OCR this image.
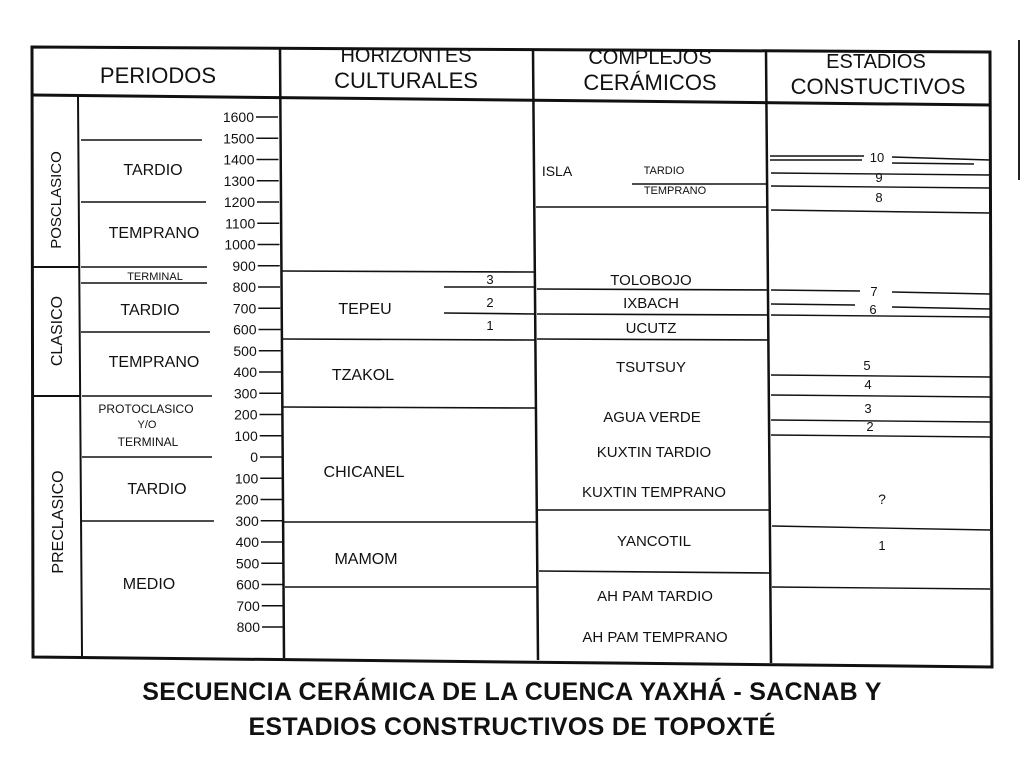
PERIODOS
HORIZONTES
CULTURALES
COMPLEJOS
CERÁMICOS
ESTADIOS
CONSTUCTIVOS
POSCLASICO
CLASICO
PRECLASICO
TARDIO
TEMPRANO
TERMINAL
TARDIO
TEMPRANO
PROTOCLASICO
Y/O
TERMINAL
TARDIO
MEDIO
1600
1500
1400
1300
1200
1100
1000
900
800
700
600
500
400
300
200
100
0
100
200
300
400
500
600
700
800
TEPEU
TZAKOL
CHICANEL
MAMOM
3
2
1
ISLA	TARDIO
TEMPRANO
TOLOBOJO
IXBACH
UCUTZ
TSUTSUY
AGUA VERDE
KUXTIN TARDIO
KUXTIN TEMPRANO
YANCOTIL
AH PAM TARDIO
AH PAM TEMPRANO
10
9
8
7
6
5
4
3
2
?
1
SECUENCIA CERÁMICA DE LA CUENCA YAXHÁ - SACNAB Y
ESTADIOS CONSTRUCTIVOS DE TOPOXTÉ
